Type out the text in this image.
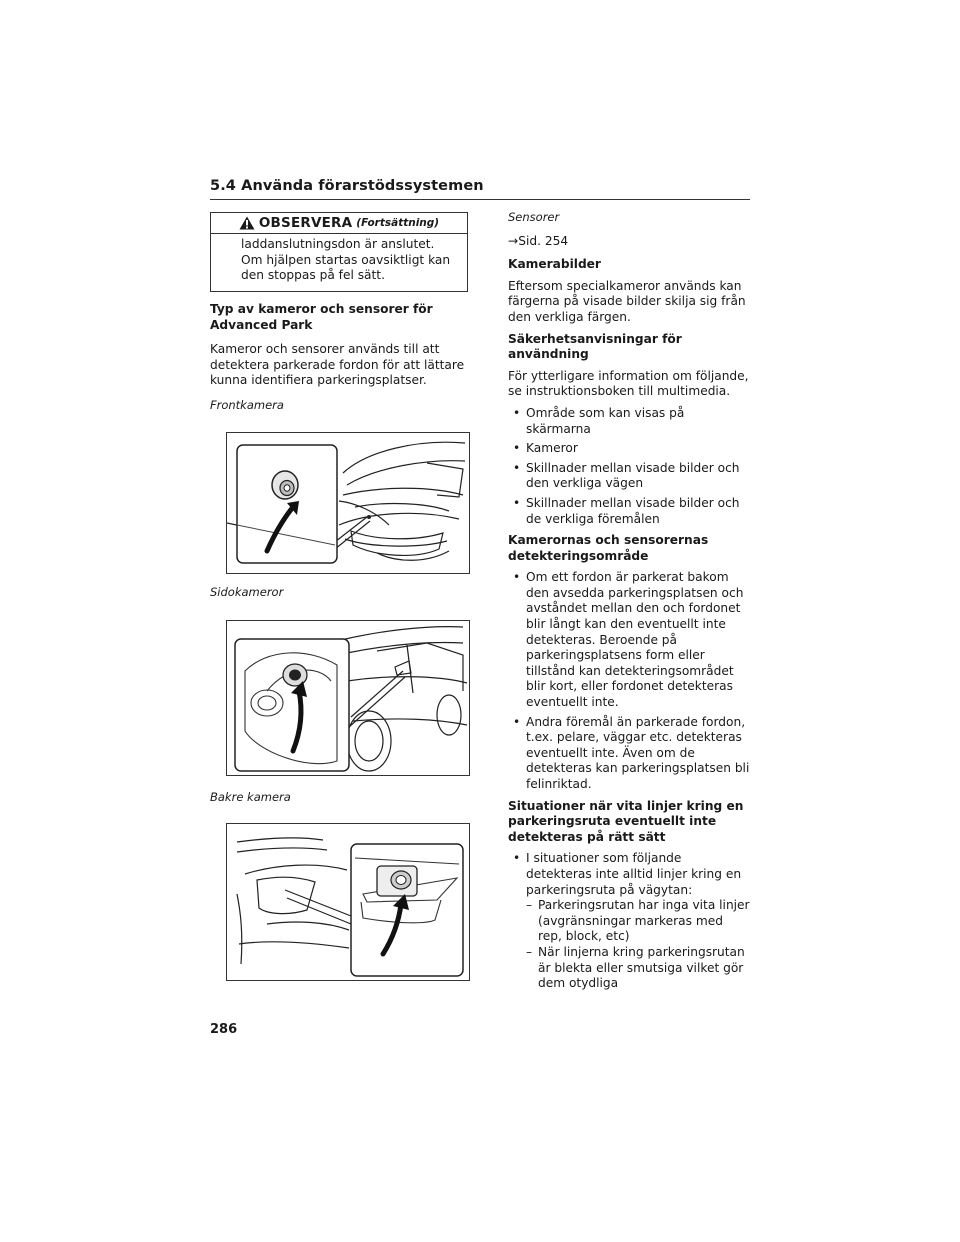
5.4 Använda förarstödssystemen
OBSERVERA (Fortsättning)
laddanslutningsdon är anslutet. Om hjälpen startas oavsiktligt kan den stoppas på fel sätt.
Typ av kameror och sensorer för Advanced Park
Kameror och sensorer används till att detektera parkerade fordon för att lättare kunna identifiera parkeringsplatser.
Frontkamera
Sidokameror
Bakre kamera

Sensorer

→Sid. 254

Kamerabilder

Eftersom specialkameror används kan färgerna på visade bilder skilja sig från den verkliga färgen.

Säkerhetsanvisningar för användning

För ytterligare information om följande, se instruktionsboken till multimedia.

• Område som kan visas på skärmarna
• Kameror
• Skillnader mellan visade bilder och den verkliga vägen
• Skillnader mellan visade bilder och de verkliga föremålen

Kamerornas och sensorernas detekteringsområde

• Om ett fordon är parkerat bakom den avsedda parkeringsplatsen och avståndet mellan den och fordonet blir långt kan den eventuellt inte detekteras. Beroende på parkeringsplatsens form eller tillstånd kan detekteringsområdet blir kort, eller fordonet detekteras eventuellt inte.
• Andra föremål än parkerade fordon, t.ex. pelare, väggar etc. detekteras eventuellt inte. Även om de detekteras kan parkeringsplatsen bli felinriktad.

Situationer när vita linjer kring en parkeringsruta eventuellt inte detekteras på rätt sätt

• I situationer som följande detekteras inte alltid linjer kring en parkeringsruta på vägytan:
– Parkeringsrutan har inga vita linjer (avgränsningar markeras med rep, block, etc)
– När linjerna kring parkeringsrutan är blekta eller smutsiga vilket gör dem otydliga
286
